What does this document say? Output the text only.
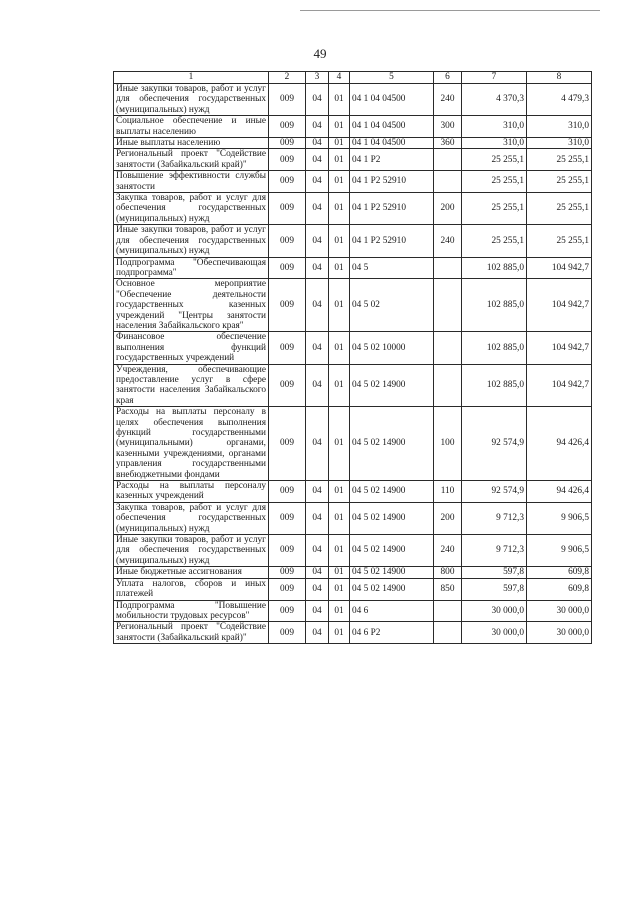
49
1	2	3	4	5	6	7	8
Иные закупки товаров, работ и услуг для обеспечения государственных (муниципальных) нужд	009	04	01	04 1 04 04500	240	4 370,3	4 479,3
Социальное обеспечение и иные выплаты населению	009	04	01	04 1 04 04500	300	310,0	310,0
Иные выплаты населению	009	04	01	04 1 04 04500	360	310,0	310,0
Региональный проект "Содействие занятости (Забайкальский край)"	009	04	01	04 1 P2		25 255,1	25 255,1
Повышение эффективности службы занятости	009	04	01	04 1 P2 52910		25 255,1	25 255,1
Закупка товаров, работ и услуг для обеспечения государственных (муниципальных) нужд	009	04	01	04 1 P2 52910	200	25 255,1	25 255,1
Иные закупки товаров, работ и услуг для обеспечения государственных (муниципальных) нужд	009	04	01	04 1 P2 52910	240	25 255,1	25 255,1
Подпрограмма "Обеспечивающая подпрограмма"	009	04	01	04 5		102 885,0	104 942,7
Основное мероприятие "Обеспечение деятельности государственных казенных учреждений "Центры занятости населения Забайкальского края"	009	04	01	04 5 02		102 885,0	104 942,7
Финансовое обеспечение выполнения функций государственных учреждений	009	04	01	04 5 02 10000		102 885,0	104 942,7
Учреждения, обеспечивающие предоставление услуг в сфере занятости населения Забайкальского края	009	04	01	04 5 02 14900		102 885,0	104 942,7
Расходы на выплаты персоналу в целях обеспечения выполнения функций государственными (муниципальными) органами, казенными учреждениями, органами управления государственными внебюджетными фондами	009	04	01	04 5 02 14900	100	92 574,9	94 426,4
Расходы на выплаты персоналу казенных учреждений	009	04	01	04 5 02 14900	110	92 574,9	94 426,4
Закупка товаров, работ и услуг для обеспечения государственных (муниципальных) нужд	009	04	01	04 5 02 14900	200	9 712,3	9 906,5
Иные закупки товаров, работ и услуг для обеспечения государственных (муниципальных) нужд	009	04	01	04 5 02 14900	240	9 712,3	9 906,5
Иные бюджетные ассигнования	009	04	01	04 5 02 14900	800	597,8	609,8
Уплата налогов, сборов и иных платежей	009	04	01	04 5 02 14900	850	597,8	609,8
Подпрограмма "Повышение мобильности трудовых ресурсов"	009	04	01	04 6		30 000,0	30 000,0
Региональный проект "Содействие занятости (Забайкальский край)"	009	04	01	04 6 P2		30 000,0	30 000,0
